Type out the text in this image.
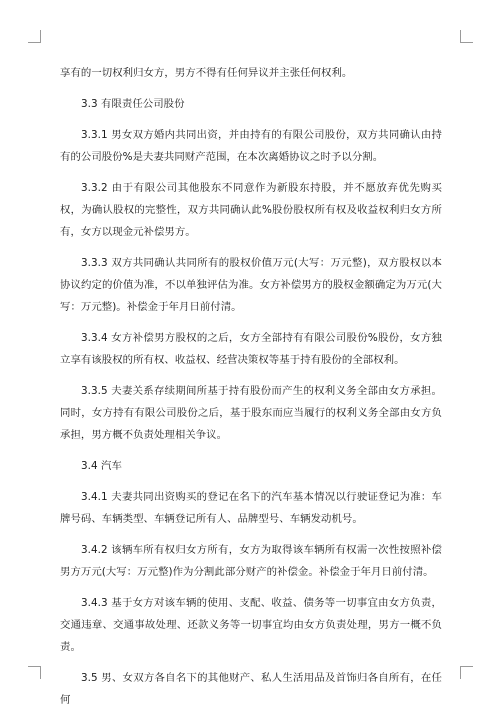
享有的一切权利归女方，男方不得有任何异议并主张任何权利。

3.3 有限责任公司股份

3.3.1 男女双方婚内共同出资，并由持有的有限公司股份，双方共同确认由持有的公司股份%是夫妻共同财产范围，在本次离婚协议之时予以分割。

3.3.2 由于有限公司其他股东不同意作为新股东持股，并不愿放弃优先购买权，为确认股权的完整性，双方共同确认此%股份股权所有权及收益权利归女方所有，女方以现金元补偿男方。

3.3.3 双方共同确认共同所有的股权价值万元(大写：万元整)，双方股权以本协议约定的价值为准，不以单独评估为准。女方补偿男方的股权金额确定为万元(大写：万元整)。补偿金于年月日前付清。

3.3.4 女方补偿男方股权的之后，女方全部持有有限公司股份%股份，女方独立享有该股权的所有权、收益权、经营决策权等基于持有股份的全部权利。

3.3.5 夫妻关系存续期间所基于持有股份而产生的权利义务全部由女方承担。同时，女方持有有限公司股份之后，基于股东而应当履行的权利义务全部由女方负承担，男方概不负责处理相关争议。

3.4 汽车

3.4.1 夫妻共同出资购买的登记在名下的汽车基本情况以行驶证登记为准：车牌号码、车辆类型、车辆登记所有人、品牌型号、车辆发动机号。

3.4.2 该辆车所有权归女方所有，女方为取得该车辆所有权需一次性按照补偿男方万元(大写：万元整)作为分割此部分财产的补偿金。补偿金于年月日前付清。

3.4.3 基于女方对该车辆的使用、支配、收益、债务等一切事宜由女方负责，交通违章、交通事故处理、还款义务等一切事宜均由女方负责处理，男方一概不负责。

3.5 男、女双方各自名下的其他财产、私人生活用品及首饰归各自所有，在任何
